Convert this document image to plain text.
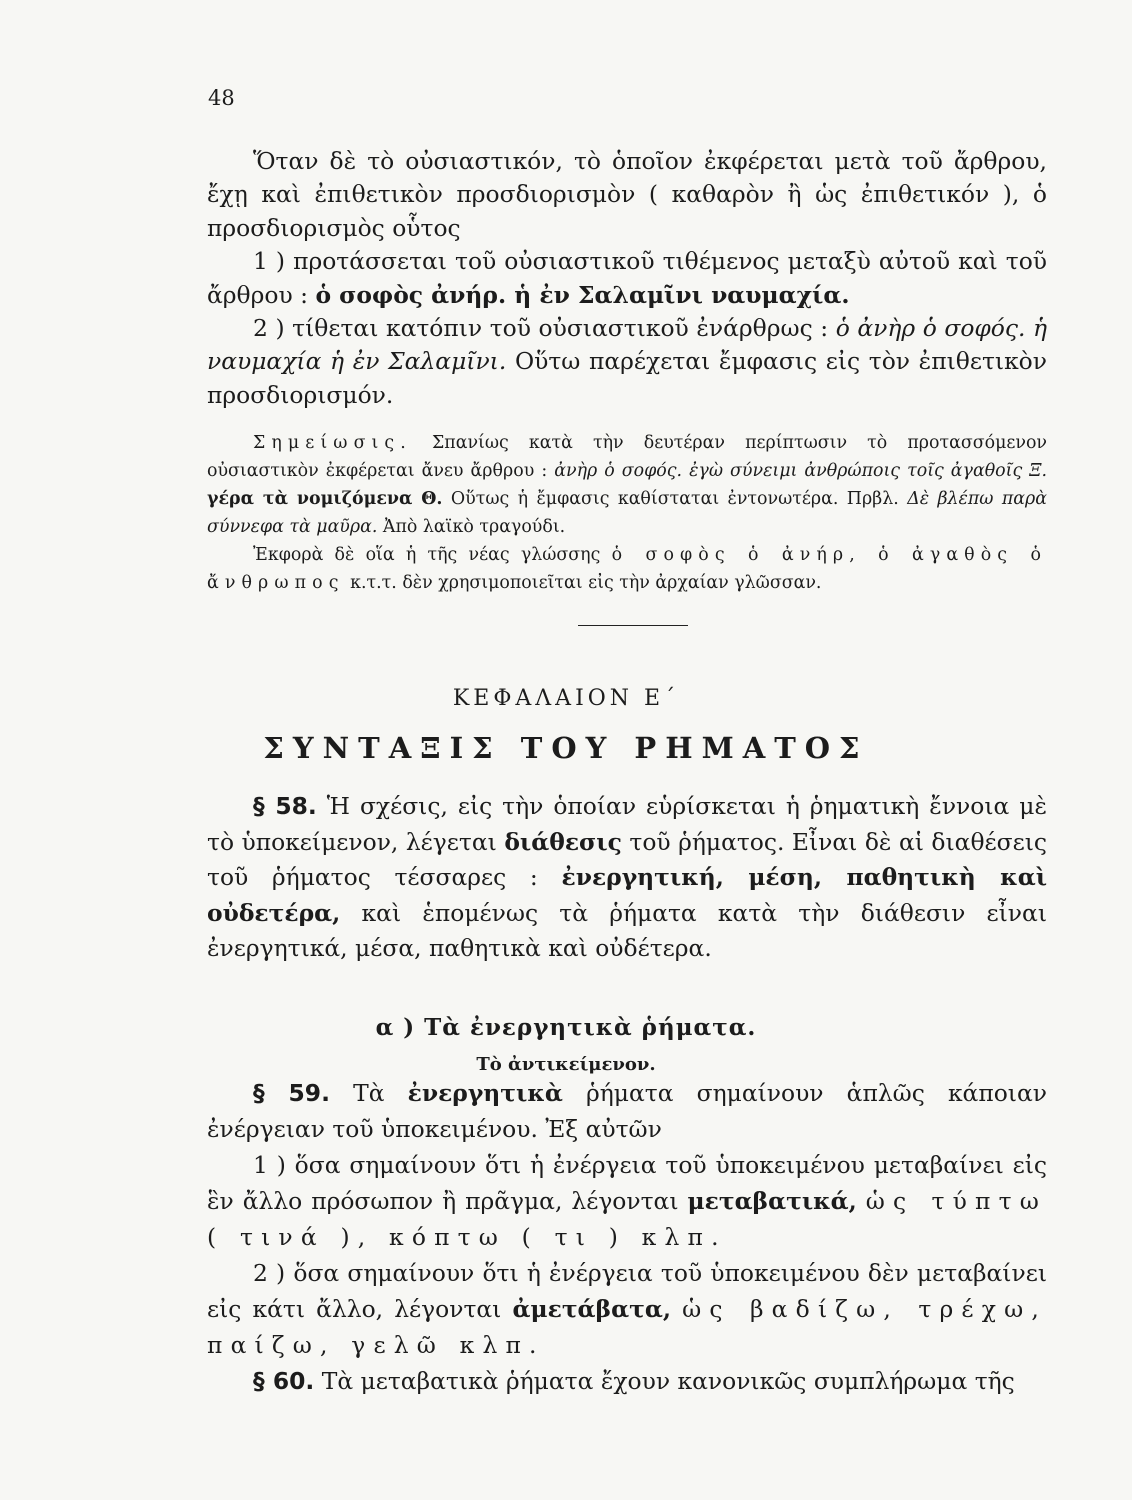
48

Ὅταν δὲ τὸ οὐσιαστικόν, τὸ ὁποῖον ἐκφέρεται μετὰ τοῦ ἄρθρου, ἔχῃ καὶ ἐπιθετικὸν προσδιορισμὸν ( καθαρὸν ἢ ὡς ἐπιθετικόν ), ὁ προσδιορισμὸς οὗτος

1 ) προτάσσεται τοῦ οὐσιαστικοῦ τιθέμενος μεταξὺ αὐτοῦ καὶ τοῦ ἄρθρου : ὁ σοφὸς ἀνήρ. ἡ ἐν Σαλαμῖνι ναυμαχία.

2 ) τίθεται κατόπιν τοῦ οὐσιαστικοῦ ἐνάρθρως : ὁ ἀνὴρ ὁ σοφός. ἡ ναυμαχία ἡ ἐν Σαλαμῖνι. Οὕτω παρέχεται ἔμφασις εἰς τὸν ἐπιθετικὸν προσδιορισμόν.

Σημείωσις. Σπανίως κατὰ τὴν δευτέραν περίπτωσιν τὸ προτασσόμενον οὐσιαστικὸν ἐκφέρεται ἄνευ ἄρθρου : ἀνὴρ ὁ σοφός. ἐγὼ σύνειμι ἀνθρώποις τοῖς ἀγαθοῖς Ξ. γέρα τὰ νομιζόμενα Θ. Οὕτως ἡ ἔμφασις καθίσταται ἐντονωτέρα. Πρβλ. Δὲ βλέπω παρὰ σύννεφα τὰ μαῦρα. Ἀπὸ λαϊκὸ τραγούδι.

Ἐκφορὰ δὲ οἵα ἡ τῆς νέας γλώσσης ὁ σοφὸς ὁ ἀνήρ, ὁ ἀγαθὸς ὁ ἄνθρωπος κ.τ.τ. δὲν χρησιμοποιεῖται εἰς τὴν ἀρχαίαν γλῶσσαν.

ΚΕΦΑΛΑΙΟΝ Ε΄
ΣΥΝΤΑΞΙΣ ΤΟΥ ΡΗΜΑΤΟΣ

§ 58. Ἡ σχέσις, εἰς τὴν ὁποίαν εὑρίσκεται ἡ ῥηματικὴ ἔννοια μὲ τὸ ὑποκείμενον, λέγεται διάθεσις τοῦ ῥήματος. Εἶναι δὲ αἱ διαθέσεις τοῦ ῥήματος τέσσαρες : ἐνεργητική, μέση, παθητικὴ καὶ οὐδετέρα, καὶ ἑπομένως τὰ ῥήματα κατὰ τὴν διάθεσιν εἶναι ἐνεργητικά, μέσα, παθητικὰ καὶ οὐδέτερα.

α ) Τὰ ἐνεργητικὰ ῥήματα.
Τὸ ἀντικείμενον.

§ 59. Τὰ ἐνεργητικὰ ῥήματα σημαίνουν ἁπλῶς κάποιαν ἐνέργειαν τοῦ ὑποκειμένου. Ἐξ αὐτῶν

1 ) ὅσα σημαίνουν ὅτι ἡ ἐνέργεια τοῦ ὑποκειμένου μεταβαίνει εἰς ἓν ἄλλο πρόσωπον ἢ πρᾶγμα, λέγονται μεταβατικά, ὡς τύπτω ( τινά ), κόπτω ( τι ) κλπ.

2 ) ὅσα σημαίνουν ὅτι ἡ ἐνέργεια τοῦ ὑποκειμένου δὲν μεταβαίνει εἰς κάτι ἄλλο, λέγονται ἀμετάβατα, ὡς βαδίζω, τρέχω, παίζω, γελῶ κλπ.

§ 60. Τὰ μεταβατικὰ ῥήματα ἔχουν κανονικῶς συμπλήρωμα τῆς
